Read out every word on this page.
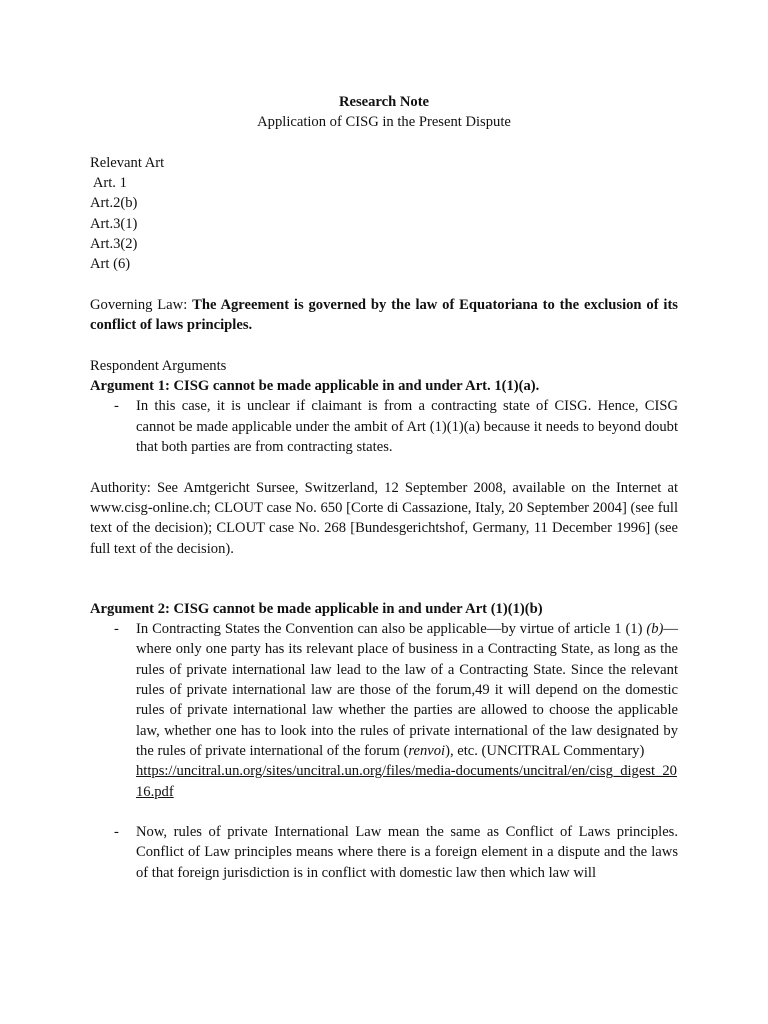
Research Note
Application of CISG in the Present Dispute
Relevant Art
Art. 1
Art.2(b)
Art.3(1)
Art.3(2)
Art (6)
Governing Law: The Agreement is governed by the law of Equatoriana to the exclusion of its conflict of laws principles.
Respondent Arguments
Argument 1: CISG cannot be made applicable in and under Art. 1(1)(a).
- In this case, it is unclear if claimant is from a contracting state of CISG. Hence, CISG cannot be made applicable under the ambit of Art (1)(1)(a) because it needs to beyond doubt that both parties are from contracting states.
Authority: See Amtgericht Sursee, Switzerland, 12 September 2008, available on the Internet at www.cisg-online.ch; CLOUT case No. 650 [Corte di Cassazione, Italy, 20 September 2004] (see full text of the decision); CLOUT case No. 268 [Bundesgerichtshof, Germany, 11 December 1996] (see full text of the decision).
Argument 2: CISG cannot be made applicable in and under Art (1)(1)(b)
- In Contracting States the Convention can also be applicable—by virtue of article 1 (1) (b)—where only one party has its relevant place of business in a Contracting State, as long as the rules of private international law lead to the law of a Contracting State. Since the relevant rules of private international law are those of the forum,49 it will depend on the domestic rules of private international law whether the parties are allowed to choose the applicable law, whether one has to look into the rules of private international of the law designated by the rules of private international of the forum (renvoi), etc. (UNCITRAL Commentary)
https://uncitral.un.org/sites/uncitral.un.org/files/media-documents/uncitral/en/cisg_digest_2016.pdf
- Now, rules of private International Law mean the same as Conflict of Laws principles. Conflict of Law principles means where there is a foreign element in a dispute and the laws of that foreign jurisdiction is in conflict with domestic law then which law will
